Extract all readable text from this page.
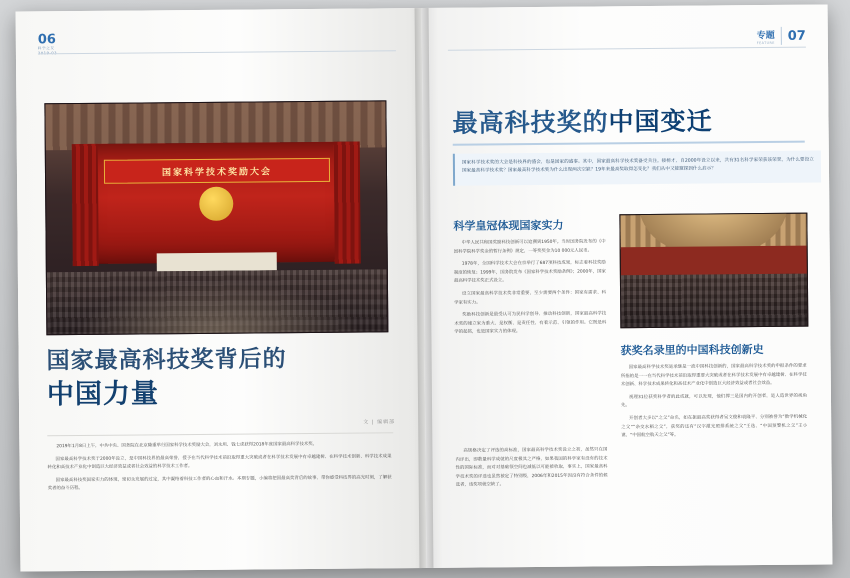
06
科学之友
国家科学技术奖励大会
国家最高科技奖背后的
中国力量
文 | 编辑部

2019年1月8日上午，中共中央、国务院在北京隆重举行国家科学技术奖励大会，刘永坦、钱七虎获得2018年度国家最高科学技术奖。

国家最高科学技术奖于2000年设立，是中国科技界的最高荣誉，授予在当代科学技术前沿取得重大突破或者在科学技术发展中有卓越建树、在科学技术创新、科学技术成果转化和高技术产业化中创造巨大经济效益或者社会效益的科学技术工作者。

国家最高科技奖国家实力的体现，密切永发展的过定，其中凝结着科技工作者的心血和汗水。本期专题，小编将把国最高奖背后的故事、带你感受科技界的高光时刻，了解获奖者的奋斗历程。

07
专题
FEATURE
最高科技奖的中国变迁

国家科学技术奖的大会是科技界的盛会，也是国家的盛事。其中，国家最高科学技术奖备受关注。接榜才，自2000年设立以来，共有31名科学家荣获该荣誉。为什么要设立国家最高科学技术奖？国家最高科学技术奖为什么出现两次空缺？19年来最高奖取得怎变化？我们从中又能窥探到什么启示？

科学皇冠体现国家实力

中华人民共和国奖励科技创新可以追溯到1950年。当时国务院发布的《中国科学院科学奖金的暂行条例》规定，一等奖奖金为10 000元人民币。

1978年，全国科学技术大会在京举行了687项科技成果，标志着科技奖励制度的恢复；1999年，国务院发布《国家科学技术奖励条例》；2000年，国家最高科学技术奖正式设立。

设立国家最高科学技术奖非常重要，至少需要两个条件：国家有需求、科学家有实力。

奖励科技创新是最受认可为民科学创导、推动科技创新，国家最高科学技术奖的建立家为重大、是权衡、是责任性，有着示范、引领的作用。它既是科学的起铭，也是国家实力的体现。

高规格决定了评选的高标准，国家最高科学技术奖设立之初，虽然只在国内评出，即数量科学成就的尺度极其之严格，如果我国的科学家有没有的技术性的国际标准，而对对基础领空间也减低以可能被收取，事实上，国家最高科学技术奖的评选也虽然被定了特别级，2006年和2015年因没有符合条件的候选者，该奖项就空缺了。

获奖名录里的中国科技创新史

国家最高科学技术奖是承继是一流中国科技创新的，国家最高科学技术奖的申报条件的要求所指的是一一在当代科学技术前沿取得重要大突破或者在科学技术发展中有卓越建树、在科学技术创新、科学技术成果转化和高技术产业化中创造巨大经济效益或者社会效益。

视理31位获奖科学者的此成就，可以发现，他们撑三是国内的开创者，是人造世界的视角先。

开创者大多以“之父”命名，如在振最高奖获得者吴文俊和袁隆平、分别被誉为“数学机械化之父”“杂交水稻之父”，获奖的还有“汉字激光照排系统之父”王选、“中国预警机之父”王小谟、“中国航空航天之父”等。
